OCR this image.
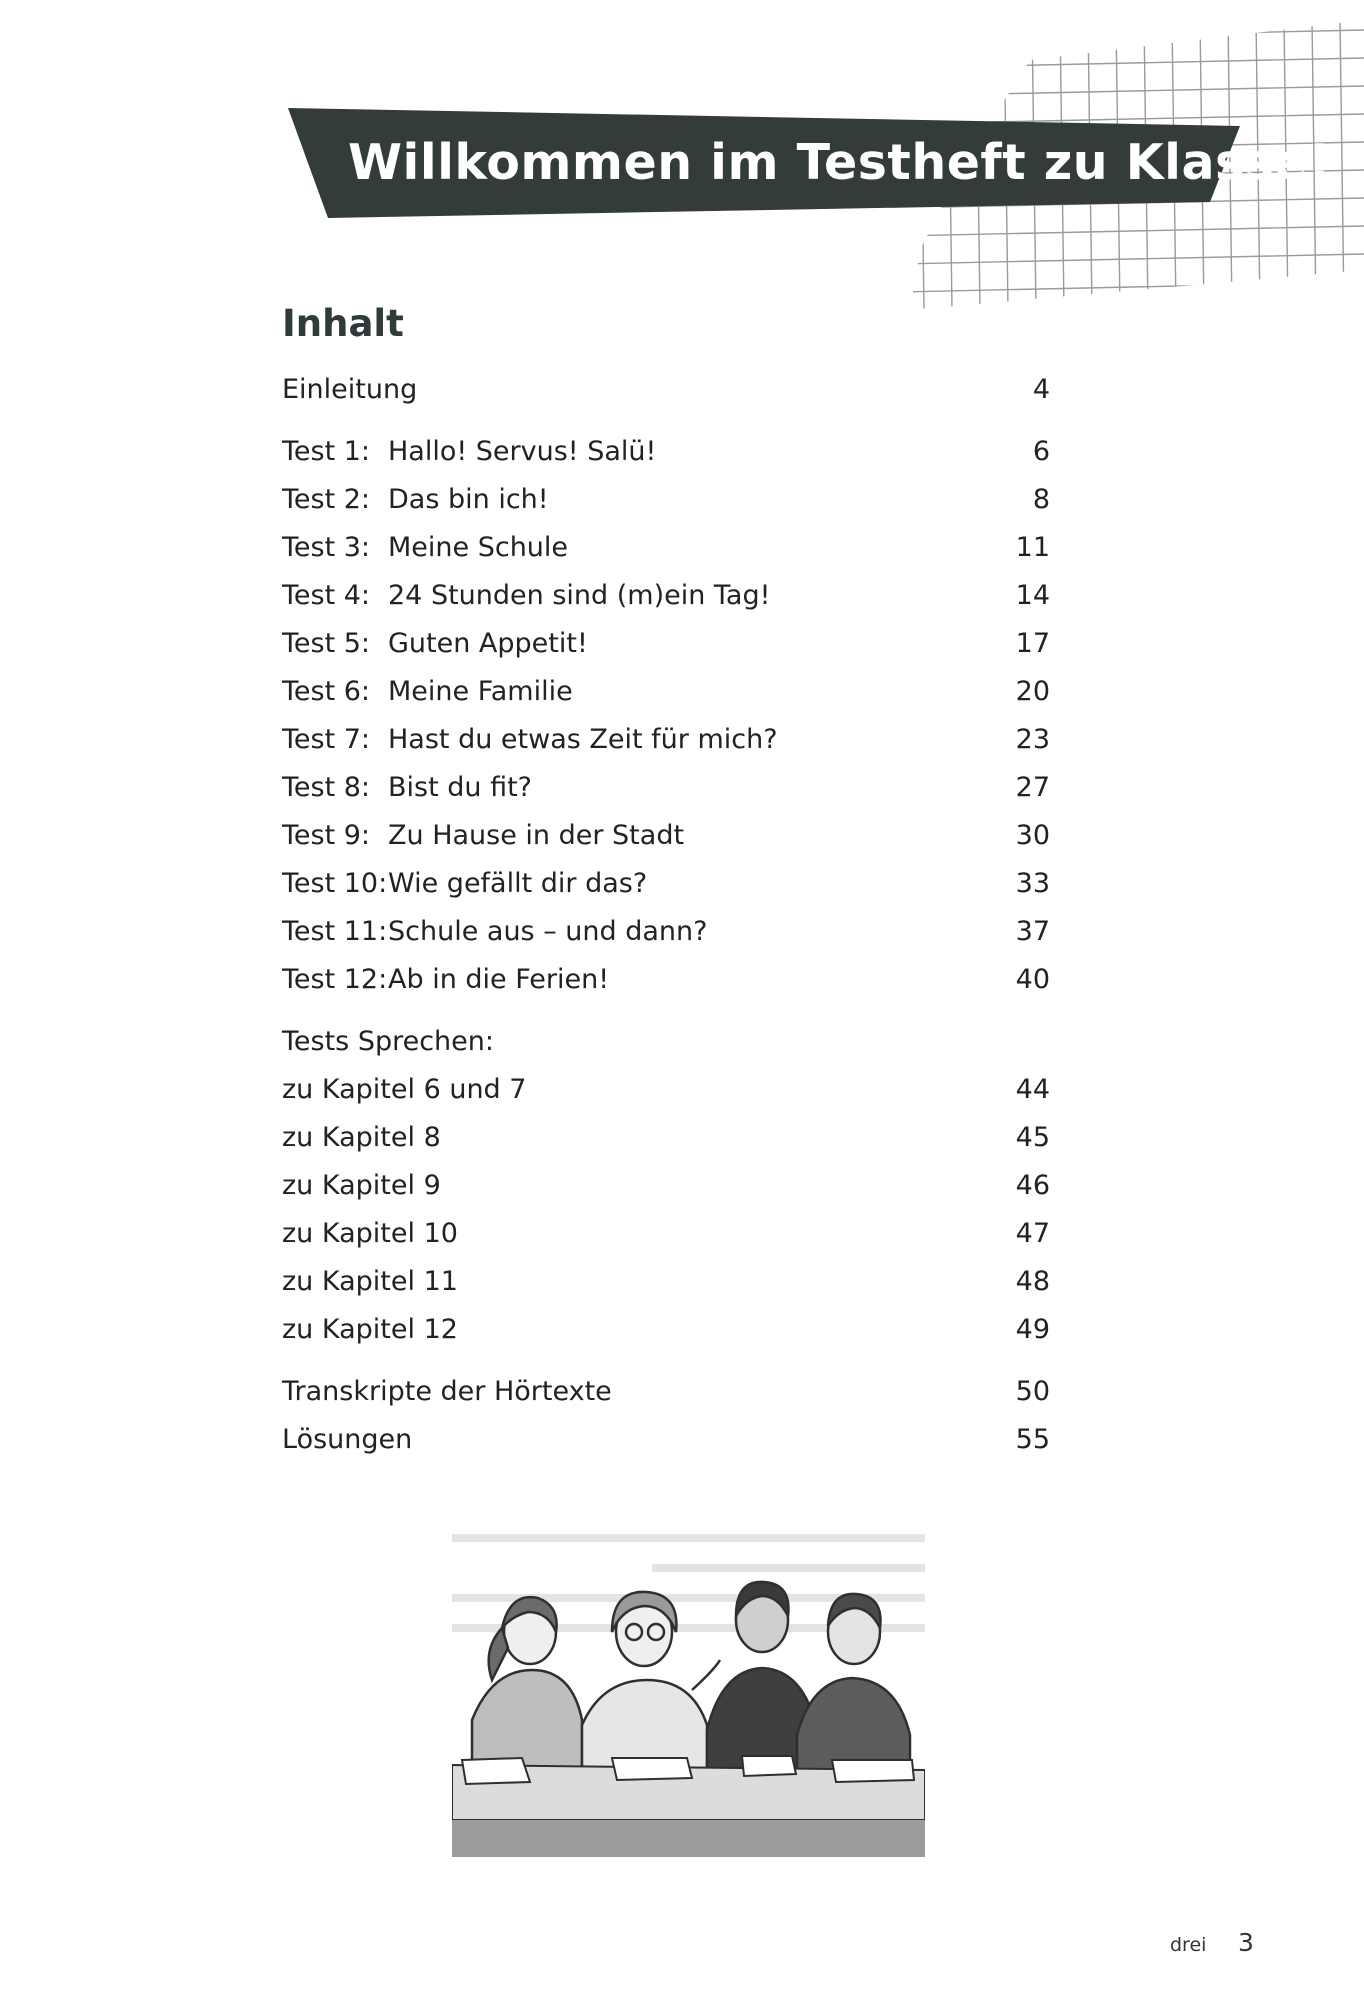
Willkommen im Testheft zu Klasse!
Inhalt
Einleitung	4
Test 1: Hallo! Servus! Salü!	6
Test 2: Das bin ich!	8
Test 3: Meine Schule	11
Test 4: 24 Stunden sind (m)ein Tag!	14
Test 5: Guten Appetit!	17
Test 6: Meine Familie	20
Test 7: Hast du etwas Zeit für mich?	23
Test 8: Bist du fit?	27
Test 9: Zu Hause in der Stadt	30
Test 10: Wie gefällt dir das?	33
Test 11: Schule aus – und dann?	37
Test 12: Ab in die Ferien!	40
Tests Sprechen:
zu Kapitel 6 und 7	44
zu Kapitel 8	45
zu Kapitel 9	46
zu Kapitel 10	47
zu Kapitel 11	48
zu Kapitel 12	49
Transkripte der Hörtexte	50
Lösungen	55
drei 3
